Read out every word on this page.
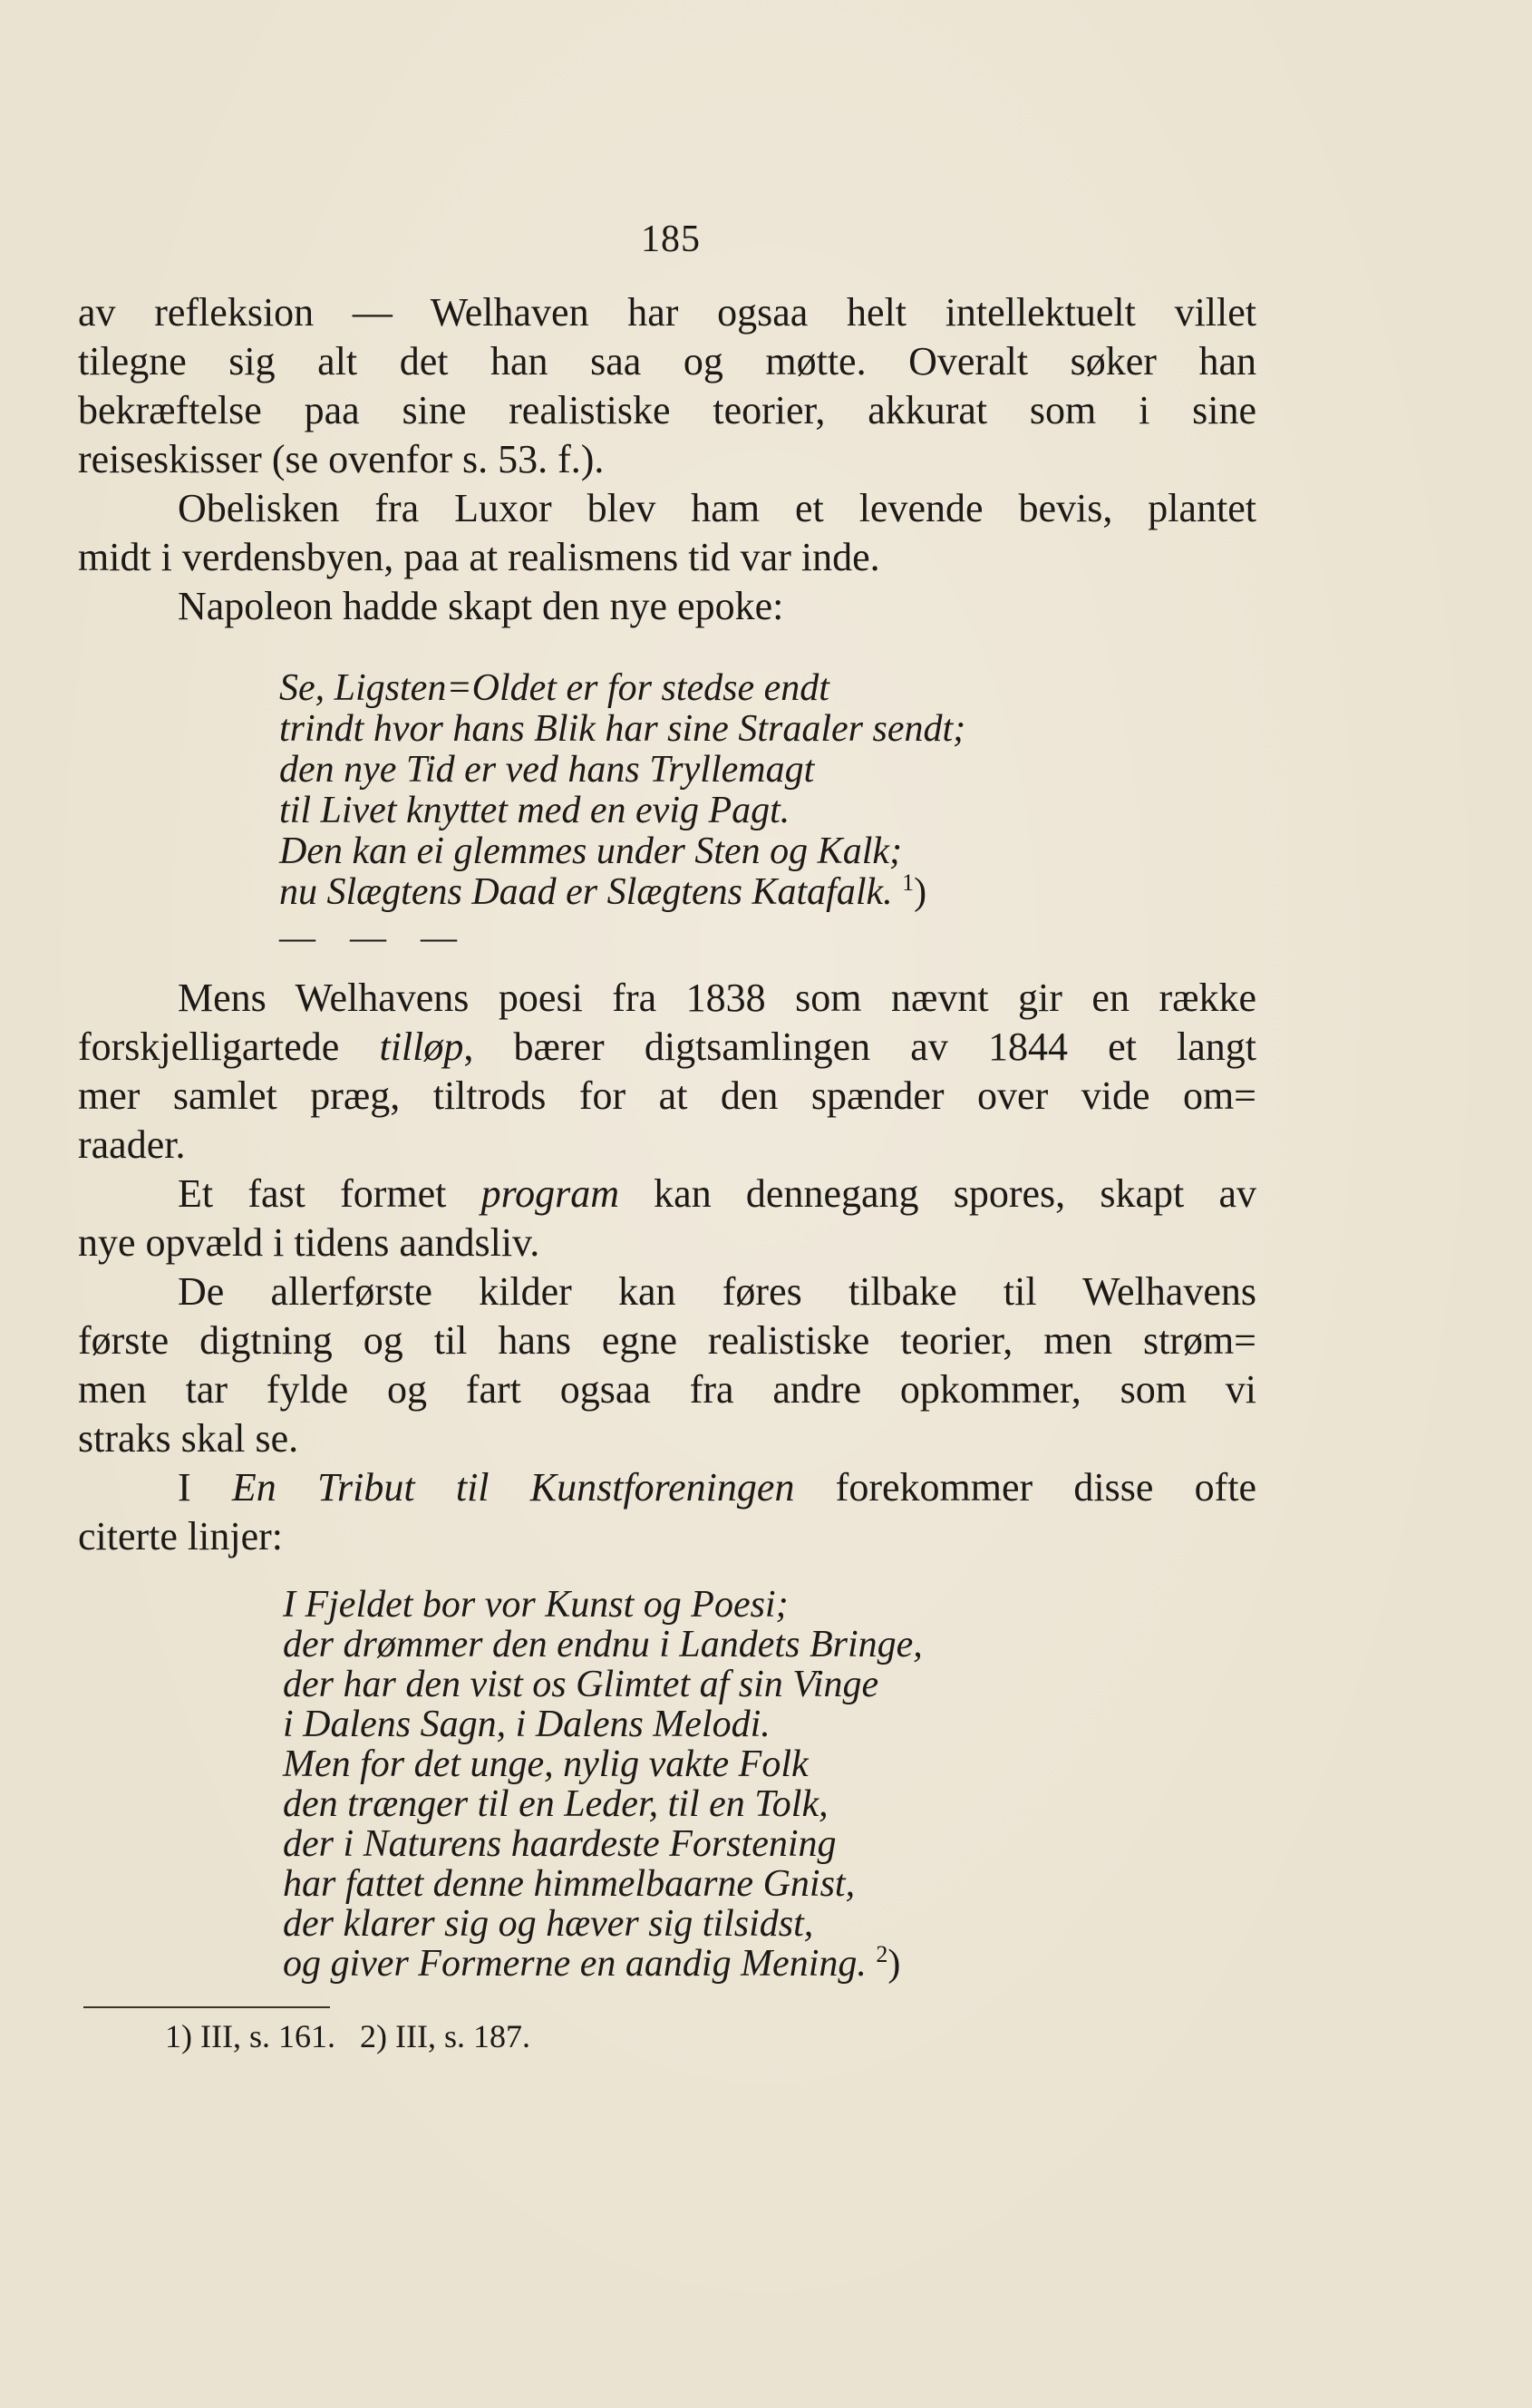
185
av refleksion — Welhaven har ogsaa helt intellektuelt villet
tilegne sig alt det han saa og møtte. Overalt søker han
bekræftelse paa sine realistiske teorier, akkurat som i sine
reiseskisser (se ovenfor s. 53. f.).
Obelisken fra Luxor blev ham et levende bevis, plantet
midt i verdensbyen, paa at realismens tid var inde.
Napoleon hadde skapt den nye epoke:
Se, Ligsten=Oldet er for stedse endt
trindt hvor hans Blik har sine Straaler sendt;
den nye Tid er ved hans Tryllemagt
til Livet knyttet med en evig Pagt.
Den kan ei glemmes under Sten og Kalk;
nu Slægtens Daad er Slægtens Katafalk. $^1$)
— — —
Mens Welhavens poesi fra 1838 som nævnt gir en række
forskjelligartede tilløp, bærer digtsamlingen av 1844 et langt
mer samlet præg, tiltrods for at den spænder over vide om=
raader.
Et fast formet program kan dennegang spores, skapt av
nye opvæld i tidens aandsliv.
De allerførste kilder kan føres tilbake til Welhavens
første digtning og til hans egne realistiske teorier, men strøm=
men tar fylde og fart ogsaa fra andre opkommer, som vi
straks skal se.
I En Tribut til Kunstforeningen forekommer disse ofte
citerte linjer:
I Fjeldet bor vor Kunst og Poesi;
der drømmer den endnu i Landets Bringe,
der har den vist os Glimtet af sin Vinge
i Dalens Sagn, i Dalens Melodi.
Men for det unge, nylig vakte Folk
den trænger til en Leder, til en Tolk,
der i Naturens haardeste Forstening
har fattet denne himmelbaarne Gnist,
der klarer sig og hæver sig tilsidst,
og giver Formerne en aandig Mening. $^2$)
1) III, s. 161. 2) III, s. 187.
